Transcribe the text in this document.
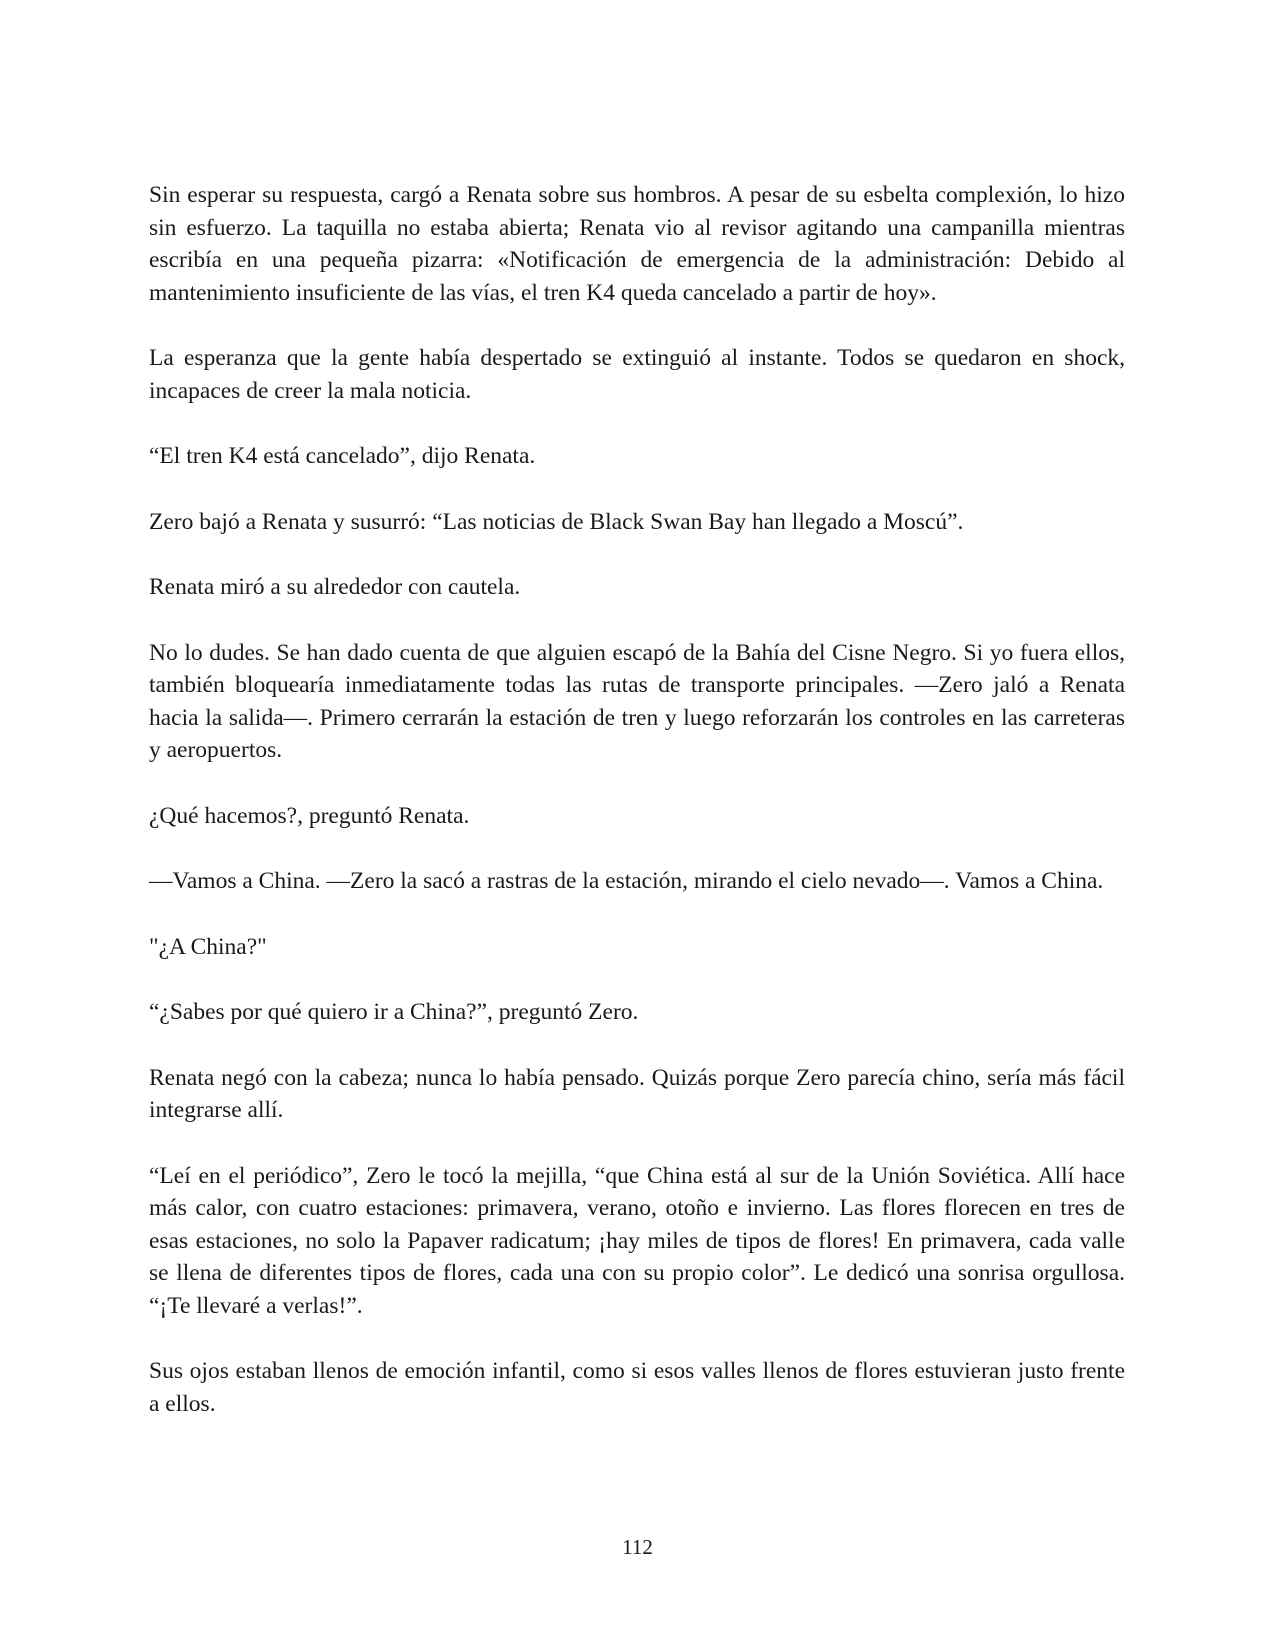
Sin esperar su respuesta, cargó a Renata sobre sus hombros. A pesar de su esbelta complexión, lo hizo sin esfuerzo. La taquilla no estaba abierta; Renata vio al revisor agitando una campanilla mientras escribía en una pequeña pizarra: «Notificación de emergencia de la administración: Debido al mantenimiento insuficiente de las vías, el tren K4 queda cancelado a partir de hoy».

La esperanza que la gente había despertado se extinguió al instante. Todos se quedaron en shock, incapaces de creer la mala noticia.

“El tren K4 está cancelado”, dijo Renata.

Zero bajó a Renata y susurró: “Las noticias de Black Swan Bay han llegado a Moscú”.

Renata miró a su alrededor con cautela.

No lo dudes. Se han dado cuenta de que alguien escapó de la Bahía del Cisne Negro. Si yo fuera ellos, también bloquearía inmediatamente todas las rutas de transporte principales. —Zero jaló a Renata hacia la salida—. Primero cerrarán la estación de tren y luego reforzarán los controles en las carreteras y aeropuertos.

¿Qué hacemos?, preguntó Renata.

—Vamos a China. —Zero la sacó a rastras de la estación, mirando el cielo nevado—. Vamos a China.

"¿A China?"

“¿Sabes por qué quiero ir a China?”, preguntó Zero.

Renata negó con la cabeza; nunca lo había pensado. Quizás porque Zero parecía chino, sería más fácil integrarse allí.

“Leí en el periódico”, Zero le tocó la mejilla, “que China está al sur de la Unión Soviética. Allí hace más calor, con cuatro estaciones: primavera, verano, otoño e invierno. Las flores florecen en tres de esas estaciones, no solo la Papaver radicatum; ¡hay miles de tipos de flores! En primavera, cada valle se llena de diferentes tipos de flores, cada una con su propio color”. Le dedicó una sonrisa orgullosa. “¡Te llevaré a verlas!”.

Sus ojos estaban llenos de emoción infantil, como si esos valles llenos de flores estuvieran justo frente a ellos.

112
